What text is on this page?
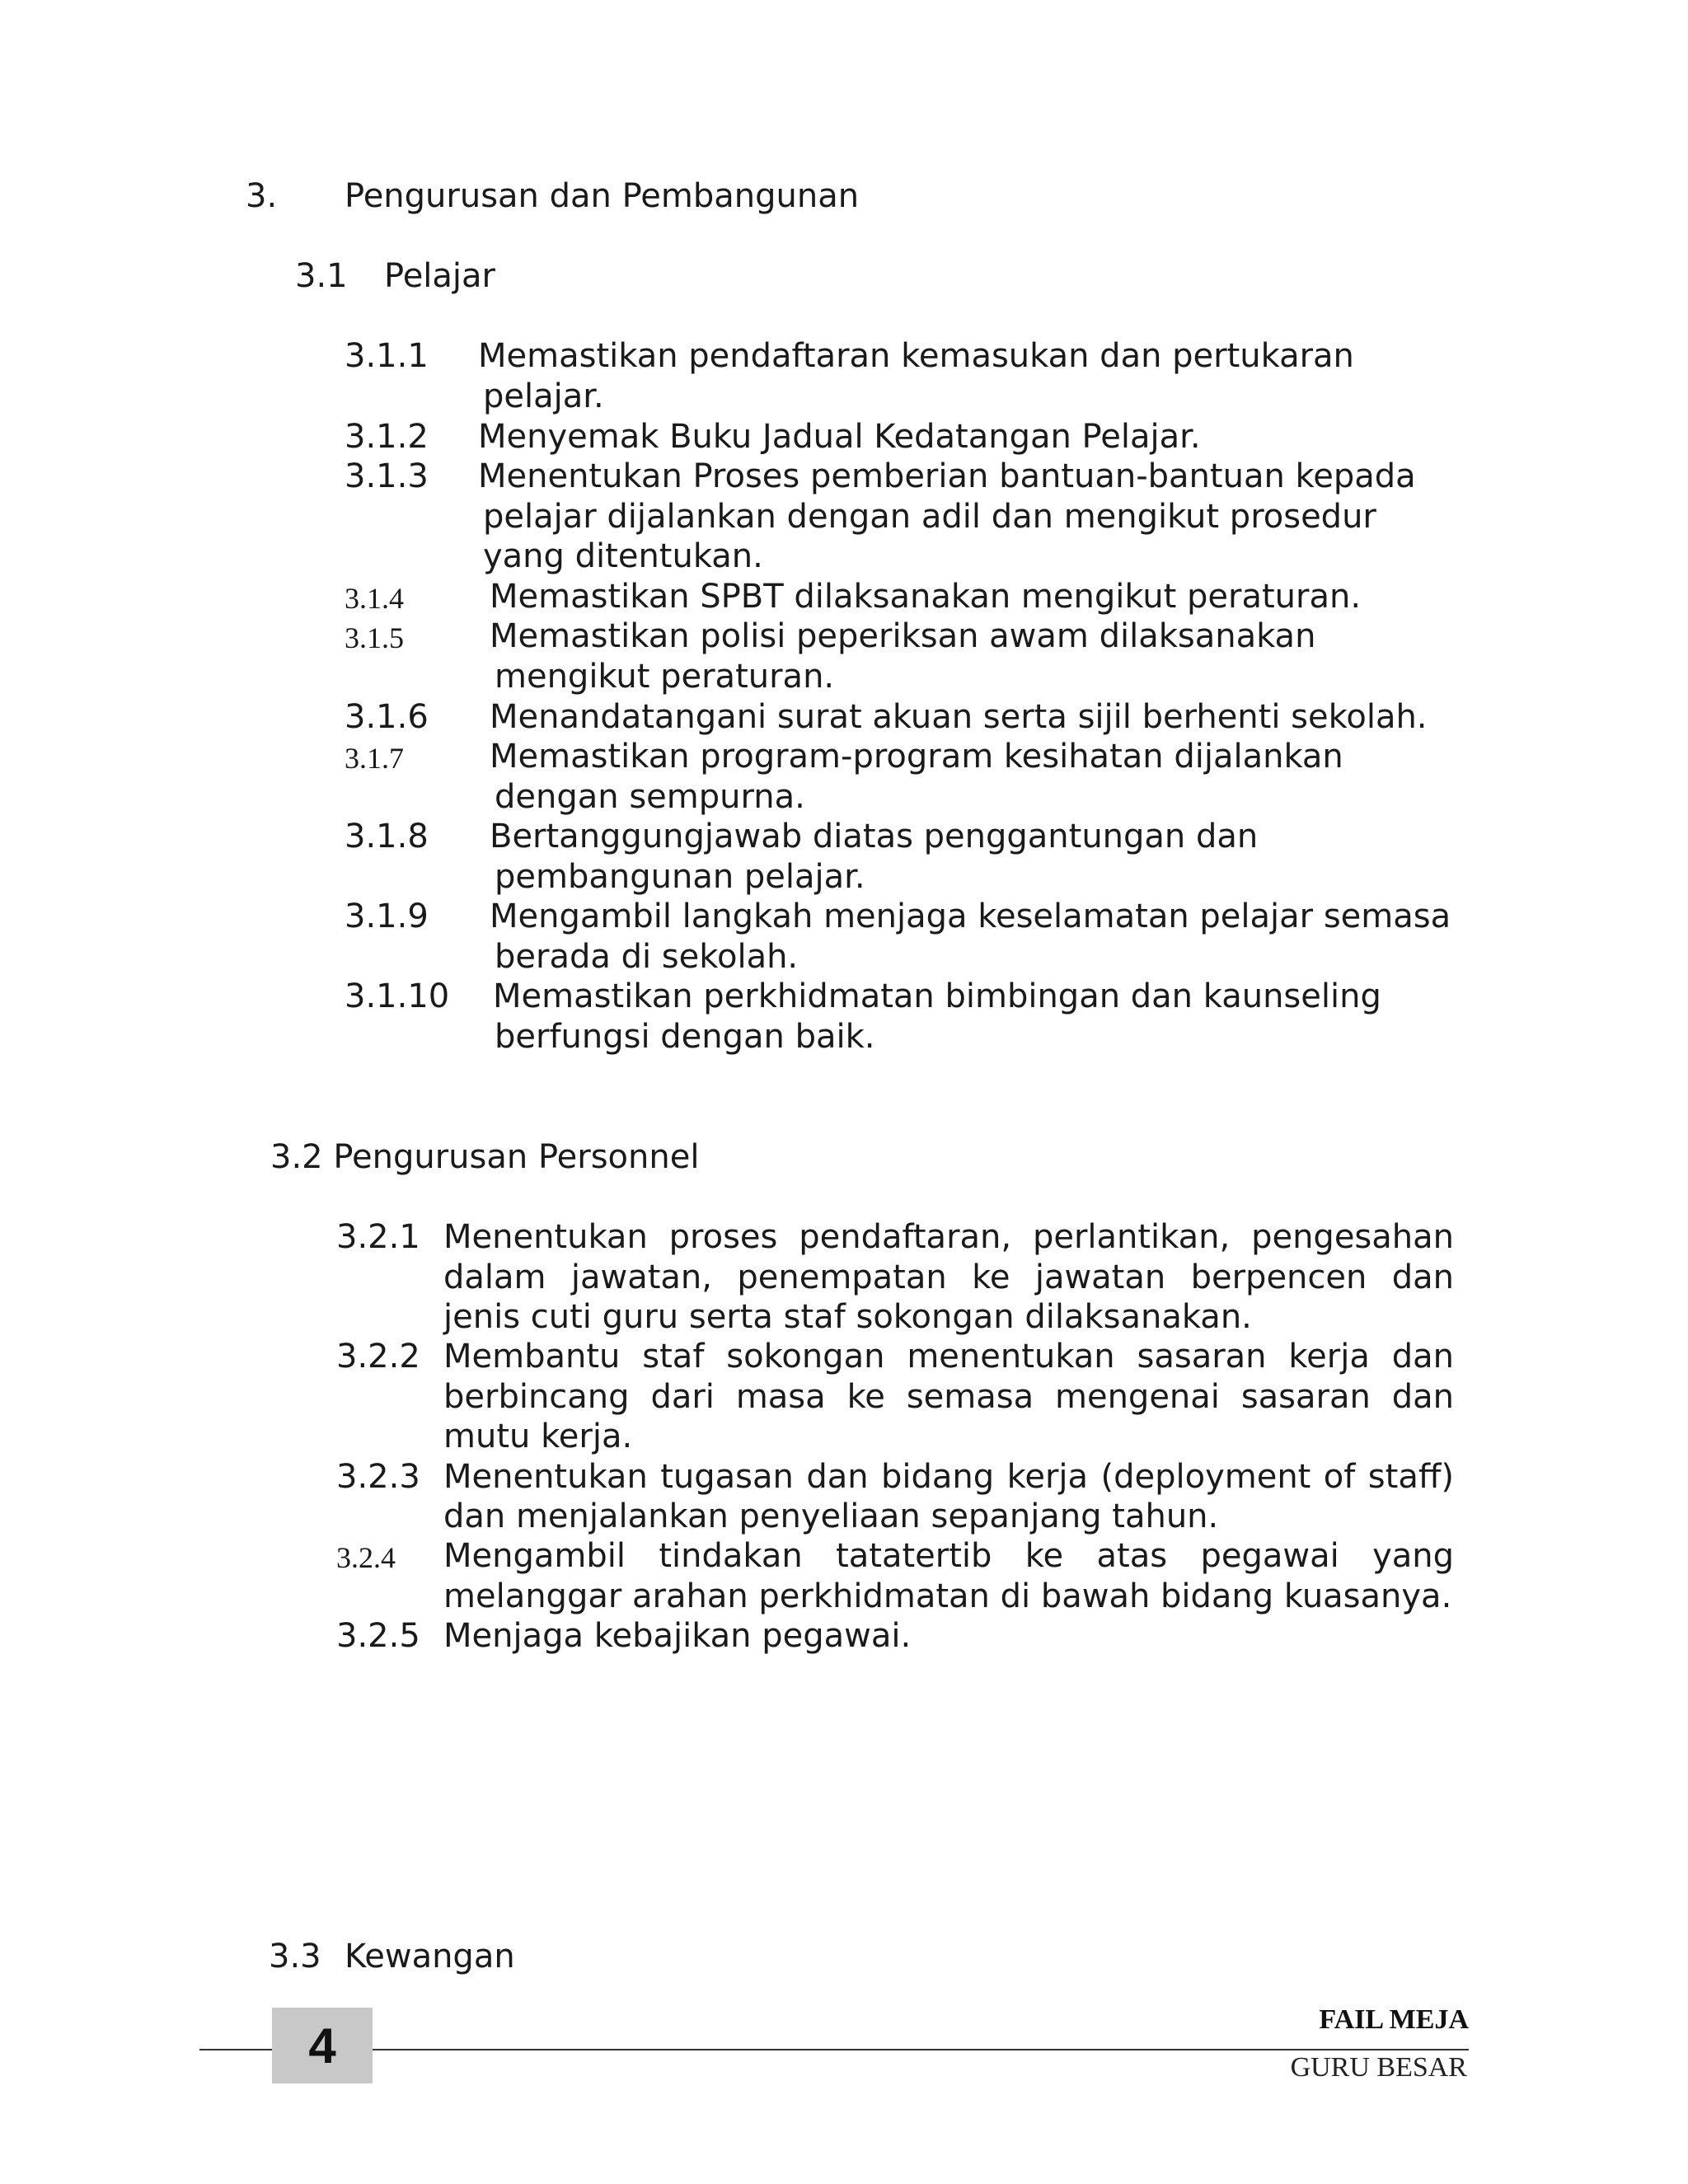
3. Pengurusan dan Pembangunan

3.1 Pelajar

3.1.1 Memastikan pendaftaran kemasukan dan pertukaran

pelajar.

3.1.2 Menyemak Buku Jadual Kedatangan Pelajar.

3.1.3 Menentukan Proses pemberian bantuan-bantuan kepada

pelajar dijalankan dengan adil dan mengikut prosedur

yang ditentukan.

3.1.4	Memastikan SPBT dilaksanakan mengikut peraturan.

3.1.5	Memastikan polisi peperiksan awam dilaksanakan

mengikut peraturan.

3.1.6 Menandatangani surat akuan serta sijil berhenti sekolah.

3.1.7	Memastikan program-program kesihatan dijalankan

dengan sempurna.

3.1.8 Bertanggungjawab diatas penggantungan dan

pembangunan pelajar.

3.1.9 Mengambil langkah menjaga keselamatan pelajar semasa

berada di sekolah.

3.1.10 Memastikan perkhidmatan bimbingan dan kaunseling

berfungsi dengan baik.

3.2 Pengurusan Personnel

3.2.1 Menentukan proses pendaftaran, perlantikan, pengesahan
dalam jawatan, penempatan ke jawatan berpencen dan

jenis cuti guru serta staf sokongan dilaksanakan.

3.2.2 Membantu staf sokongan menentukan sasaran kerja dan
berbincang dari masa ke semasa mengenai sasaran dan

mutu kerja.

3.2.3 Menentukan tugasan dan bidang kerja (deployment of staff)

dan menjalankan penyeliaan sepanjang tahun.

3.2.4 Mengambil tindakan tatatertib ke atas pegawai yang

melanggar arahan perkhidmatan di bawah bidang kuasanya.

3.2.5 Menjaga kebajikan pegawai.

3.3 Kewangan

4	FAIL MEJA
GURU BESAR
